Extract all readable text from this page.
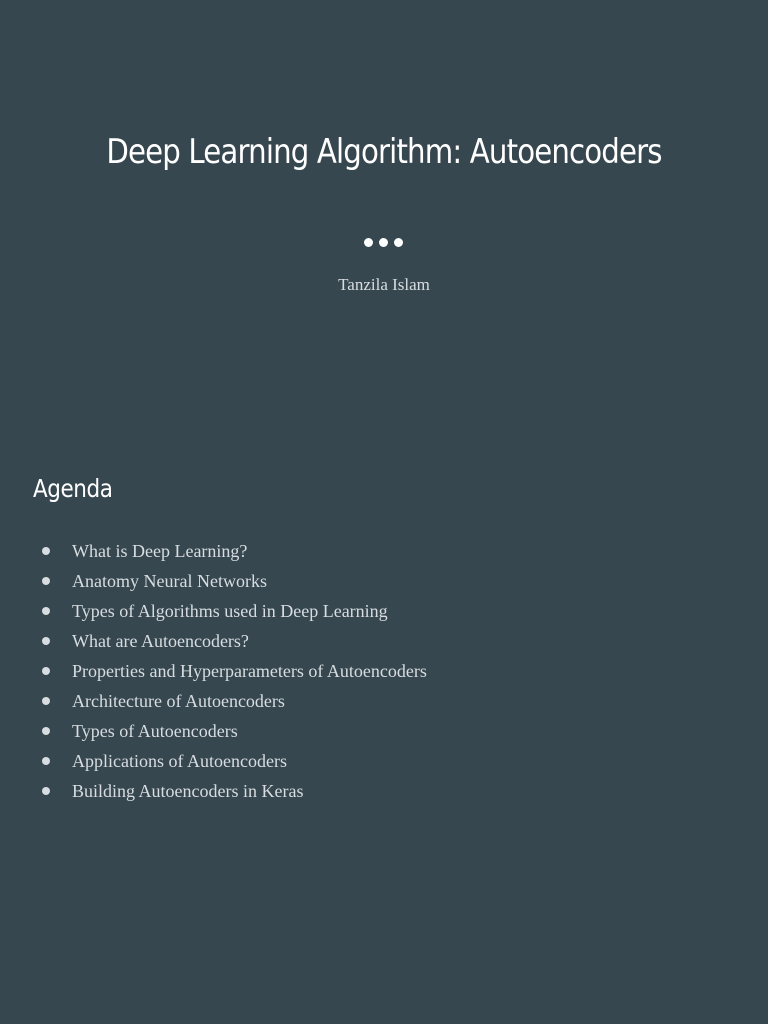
Deep Learning Algorithm: Autoencoders
Tanzila Islam
Agenda
What is Deep Learning?
Anatomy Neural Networks
Types of Algorithms used in Deep Learning
What are Autoencoders?
Properties and Hyperparameters of Autoencoders
Architecture of Autoencoders
Types of Autoencoders
Applications of Autoencoders
Building Autoencoders in Keras
